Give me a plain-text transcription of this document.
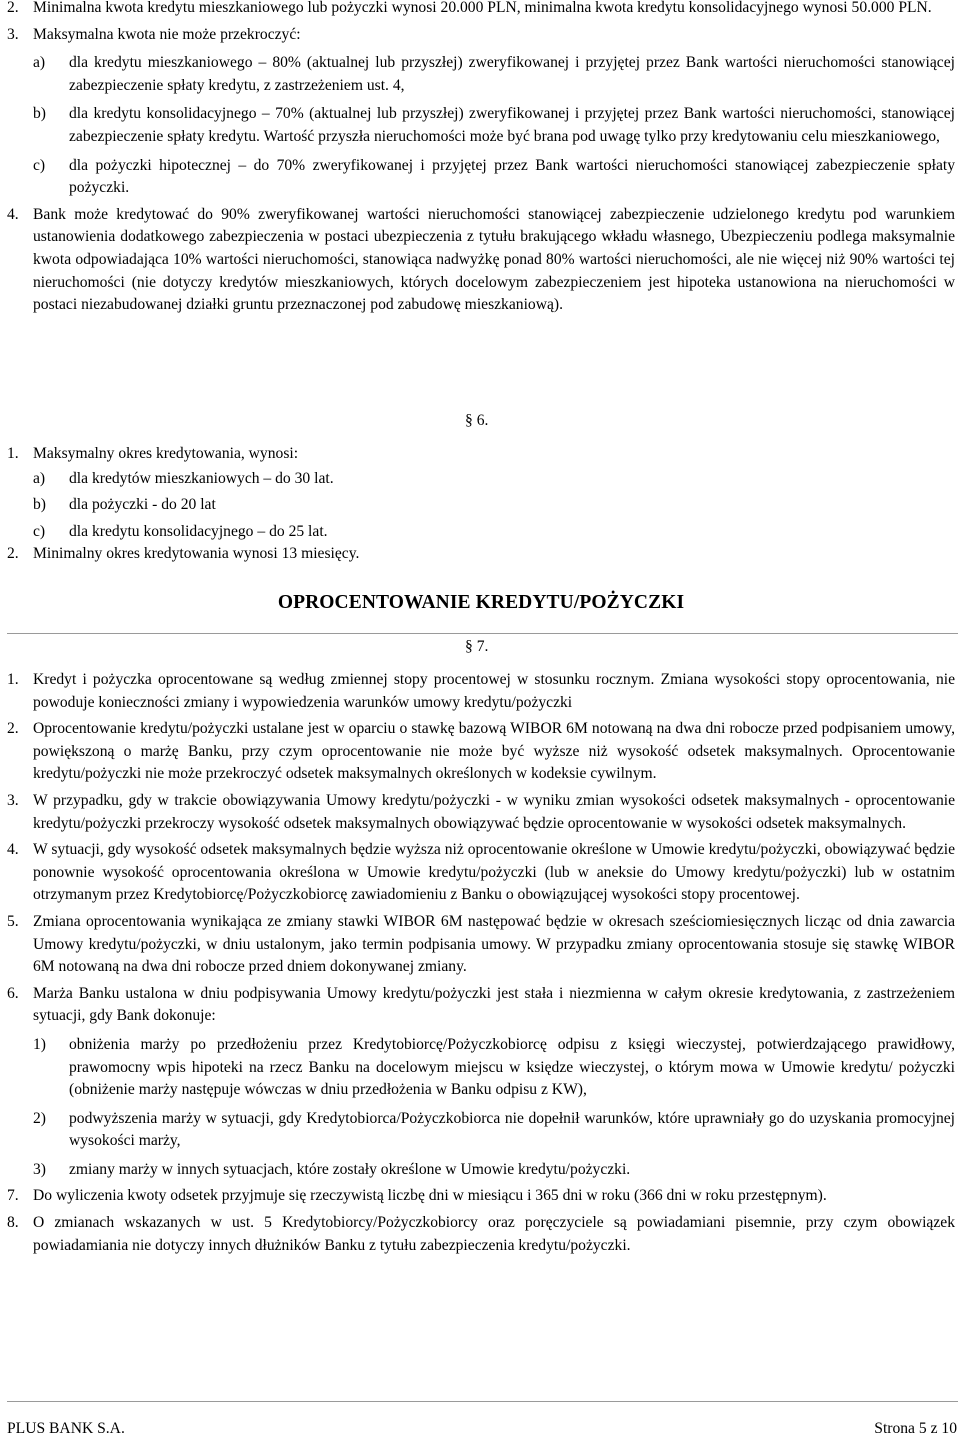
2. Minimalna kwota kredytu mieszkaniowego lub pożyczki wynosi 20.000 PLN, minimalna kwota kredytu konsolidacyjnego wynosi 50.000 PLN.
3. Maksymalna kwota nie może przekroczyć:
a)	dla kredytu mieszkaniowego – 80% (aktualnej lub przyszłej) zweryfikowanej i przyjętej przez Bank wartości nieruchomości stanowiącej zabezpieczenie spłaty kredytu, z zastrzeżeniem ust. 4,
b)	dla kredytu konsolidacyjnego – 70% (aktualnej lub przyszłej) zweryfikowanej i przyjętej przez Bank wartości nieruchomości, stanowiącej zabezpieczenie spłaty kredytu. Wartość przyszła nieruchomości może być brana pod uwagę tylko przy kredytowaniu celu mieszkaniowego,
c)	dla pożyczki hipotecznej – do 70% zweryfikowanej i przyjętej przez Bank wartości nieruchomości stanowiącej zabezpieczenie spłaty pożyczki.
4. Bank może kredytować do 90% zweryfikowanej wartości nieruchomości stanowiącej zabezpieczenie udzielonego kredytu pod warunkiem ustanowienia dodatkowego zabezpieczenia w postaci ubezpieczenia z tytułu brakującego wkładu własnego, Ubezpieczeniu podlega maksymalnie kwota odpowiadająca 10% wartości nieruchomości, stanowiąca nadwyżkę ponad 80% wartości nieruchomości, ale nie więcej niż 90% wartości tej nieruchomości (nie dotyczy kredytów mieszkaniowych, których docelowym zabezpieczeniem jest hipoteka ustanowiona na nieruchomości w postaci niezabudowanej działki gruntu przeznaczonej pod zabudowę mieszkaniową).
§ 6.
1. Maksymalny okres kredytowania, wynosi:
a)	dla kredytów mieszkaniowych – do 30 lat.
b)	dla pożyczki - do 20 lat
c)	dla kredytu konsolidacyjnego – do 25 lat.
2. Minimalny okres kredytowania wynosi 13 miesięcy.
OPROCENTOWANIE KREDYTU/POŻYCZKI
§ 7.
1. Kredyt i pożyczka oprocentowane są według zmiennej stopy procentowej w stosunku rocznym. Zmiana wysokości stopy oprocentowania, nie powoduje konieczności zmiany i wypowiedzenia warunków umowy kredytu/pożyczki
2. Oprocentowanie kredytu/pożyczki ustalane jest w oparciu o stawkę bazową WIBOR 6M notowaną na dwa dni robocze przed podpisaniem umowy, powiększoną o marżę Banku, przy czym oprocentowanie nie może być wyższe niż wysokość odsetek maksymalnych. Oprocentowanie kredytu/pożyczki nie może przekroczyć odsetek maksymalnych określonych w kodeksie cywilnym.
3. W przypadku, gdy w trakcie obowiązywania Umowy kredytu/pożyczki - w wyniku zmian wysokości odsetek maksymalnych - oprocentowanie kredytu/pożyczki przekroczy wysokość odsetek maksymalnych obowiązywać będzie oprocentowanie w wysokości odsetek maksymalnych.
4. W sytuacji, gdy wysokość odsetek maksymalnych będzie wyższa niż oprocentowanie określone w Umowie kredytu/pożyczki, obowiązywać będzie ponownie wysokość oprocentowania określona w Umowie kredytu/pożyczki (lub w aneksie do Umowy kredytu/pożyczki) lub w ostatnim otrzymanym przez Kredytobiorcę/Pożyczkobiorcę zawiadomieniu z Banku o obowiązującej wysokości stopy procentowej.
5. Zmiana oprocentowania wynikająca ze zmiany stawki WIBOR 6M następować będzie w okresach sześciomiesięcznych licząc od dnia zawarcia Umowy kredytu/pożyczki, w dniu ustalonym, jako termin podpisania umowy. W przypadku zmiany oprocentowania stosuje się stawkę WIBOR 6M notowaną na dwa dni robocze przed dniem dokonywanej zmiany.
6. Marża Banku ustalona w dniu podpisywania Umowy kredytu/pożyczki jest stała i niezmienna w całym okresie kredytowania, z zastrzeżeniem sytuacji, gdy Bank dokonuje:
1)	obniżenia marży po przedłożeniu przez Kredytobiorcę/Pożyczkobiorcę odpisu z księgi wieczystej, potwierdzającego prawidłowy, prawomocny wpis hipoteki na rzecz Banku na docelowym miejscu w księdze wieczystej, o którym mowa w Umowie kredytu/ pożyczki (obniżenie marży następuje wówczas w dniu przedłożenia w Banku odpisu z KW),
2)	podwyższenia marży w sytuacji, gdy Kredytobiorca/Pożyczkobiorca nie dopełnił warunków, które uprawniały go do uzyskania promocyjnej wysokości marży,
3)	zmiany marży w innych sytuacjach, które zostały określone w Umowie kredytu/pożyczki.
7. Do wyliczenia kwoty odsetek przyjmuje się rzeczywistą liczbę dni w miesiącu i 365 dni w roku (366 dni w roku przestępnym).
8. O zmianach wskazanych w ust. 5 Kredytobiorcy/Pożyczkobiorcy oraz poręczyciele są powiadamiani pisemnie, przy czym obowiązek powiadamiania nie dotyczy innych dłużników Banku z tytułu zabezpieczenia kredytu/pożyczki.
PLUS BANK S.A.	Strona 5 z 10
